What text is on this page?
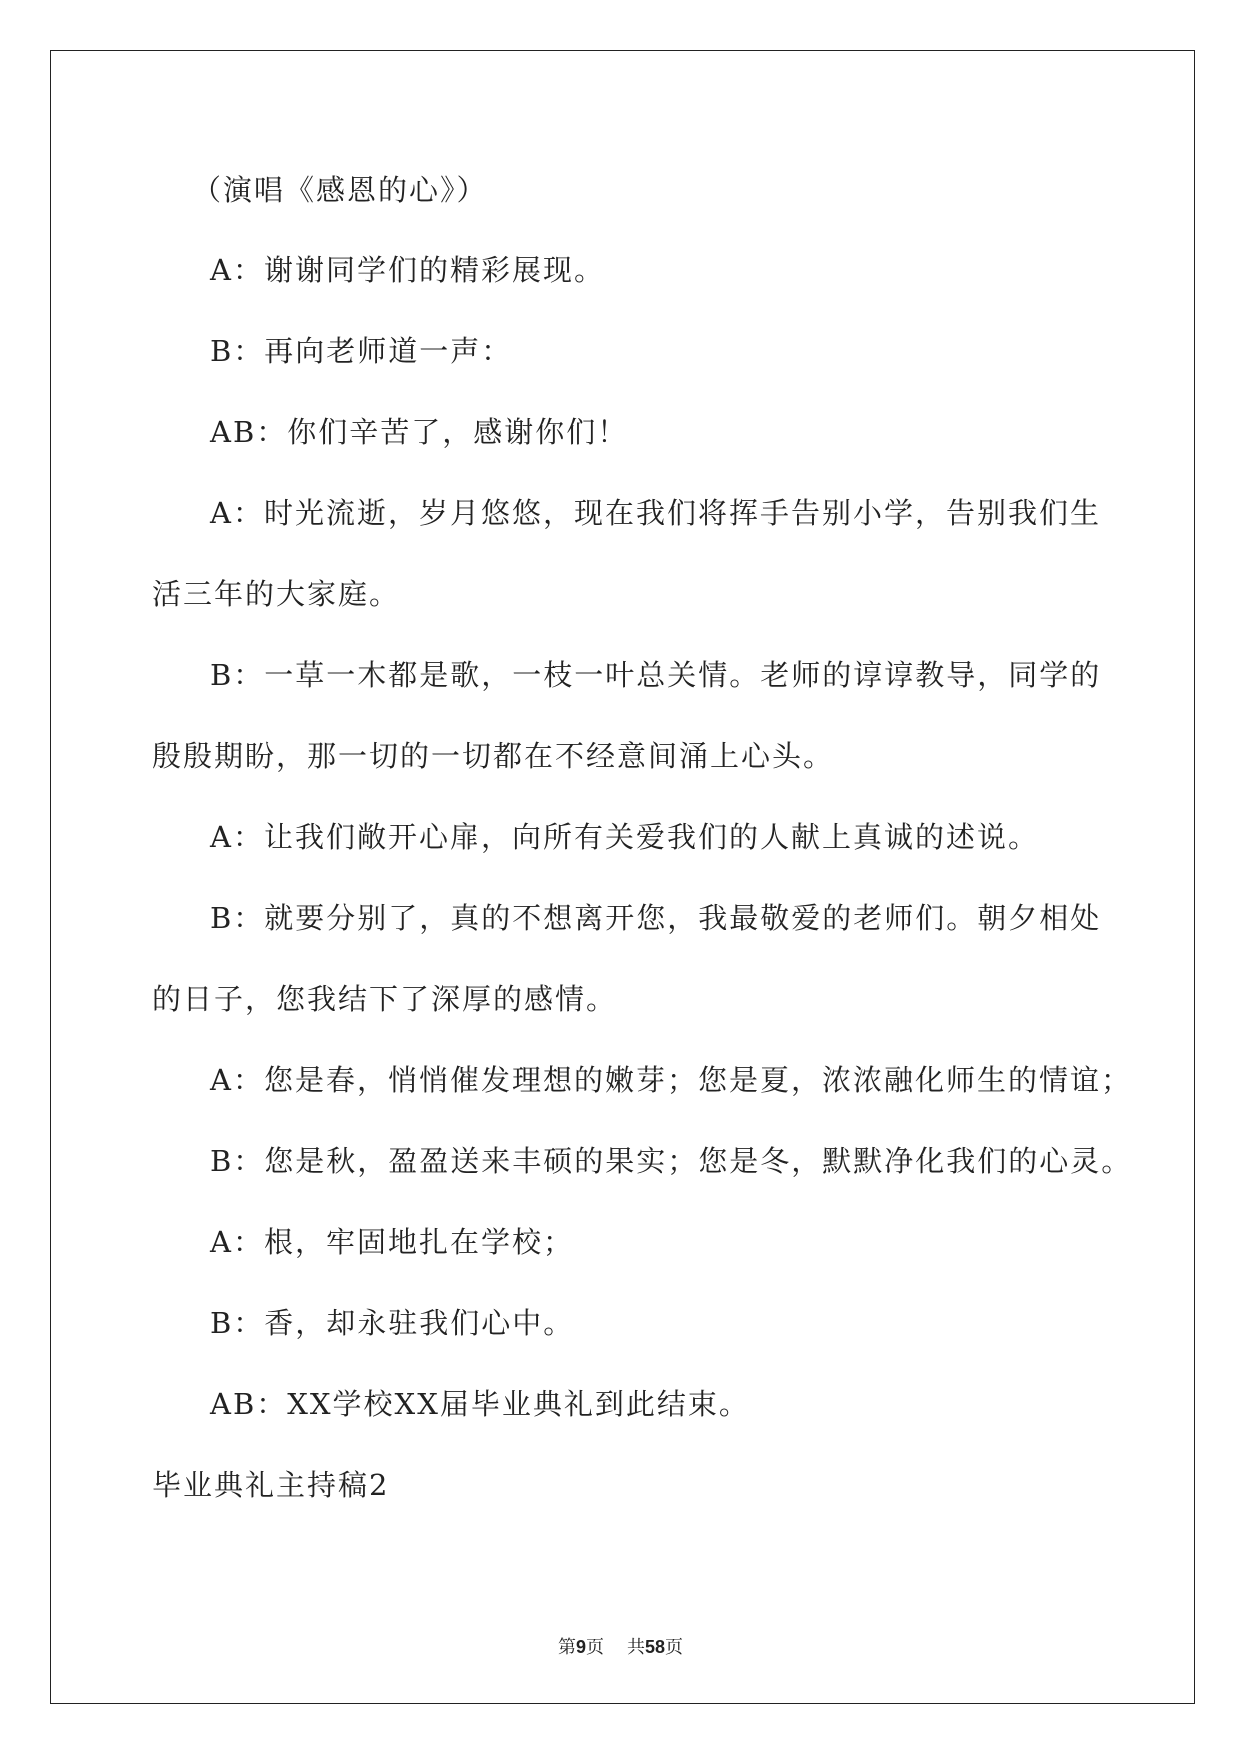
（演唱《感恩的心》）
A：谢谢同学们的精彩展现。
B：再向老师道一声：
AB：你们辛苦了，感谢你们！
A：时光流逝，岁月悠悠，现在我们将挥手告别小学，告别我们生
活三年的大家庭。
B：一草一木都是歌，一枝一叶总关情。老师的谆谆教导，同学的
殷殷期盼，那一切的一切都在不经意间涌上心头。
A：让我们敞开心扉，向所有关爱我们的人献上真诚的述说。
B：就要分别了，真的不想离开您，我最敬爱的老师们。朝夕相处
的日子，您我结下了深厚的感情。
A：您是春，悄悄催发理想的嫩芽；您是夏，浓浓融化师生的情谊；
B：您是秋，盈盈送来丰硕的果实；您是冬，默默净化我们的心灵。
A：根，牢固地扎在学校；
B：香，却永驻我们心中。
AB：XX学校XX届毕业典礼到此结束。
毕业典礼主持稿2
第9页 共58页
